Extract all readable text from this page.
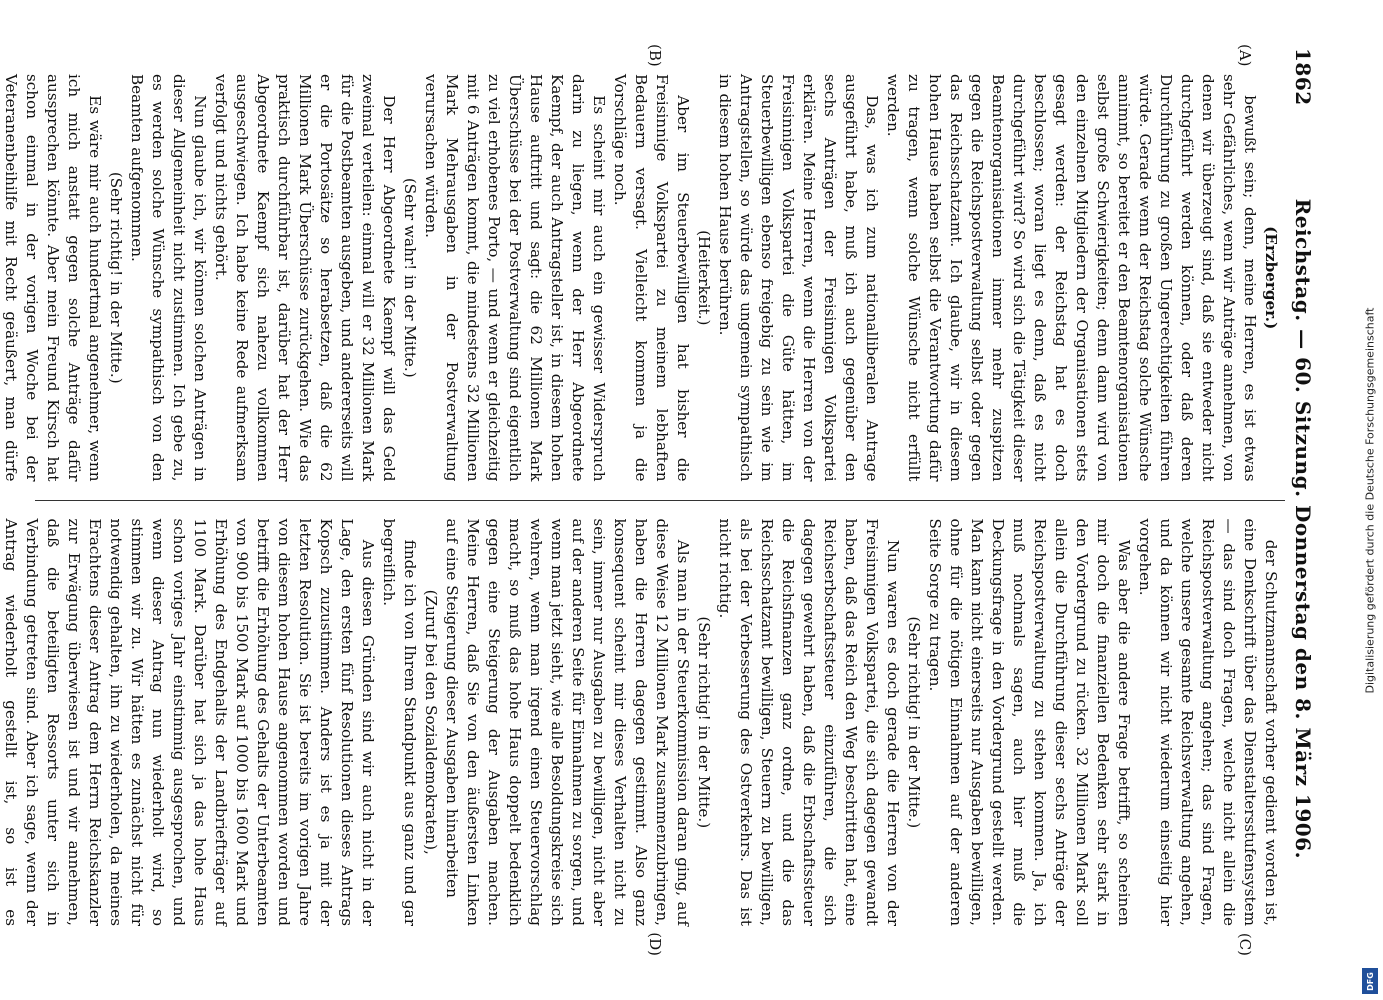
1862
Reichstag. — 60. Sitzung. Donnerstag den 8. März 1906.
(A)
(B)
(Erzberger.)

bewußt sein; denn, meine Herren, es ist etwas sehr Gefährliches, wenn wir Anträge annehmen, von denen wir überzeugt sind, daß sie entweder nicht durchgeführt werden können, oder daß deren Durchführung zu großen Ungerechtigkeiten führen würde. Gerade wenn der Reichstag solche Wünsche annimmt, so bereitet er den Beamtenorganisationen selbst große Schwierigkeiten; denn dann wird von den einzelnen Mitgliedern der Organisationen stets gesagt werden: der Reichstag hat es doch beschlossen; woran liegt es denn, daß es nicht durchgeführt wird? So wird sich die Tätigkeit dieser Beamtenorganisationen immer mehr zuspitzen gegen die Reichspostverwaltung selbst oder gegen das Reichsschatzamt. Ich glaube, wir in diesem hohen Hause haben selbst die Verantwortung dafür zu tragen, wenn solche Wünsche nicht erfüllt werden.

Das, was ich zum nationalliberalen Antrage ausgeführt habe, muß ich auch gegenüber den sechs Anträgen der Freisinnigen Volkspartei erklären. Meine Herren, wenn die Herren von der Freisinnigen Volkspartei die Güte hätten, im Steuerbewilligen ebenso freigebig zu sein wie im Antragstellen, so würde das ungemein sympathisch in diesem hohen Hause berühren.

(Heiterkeit.)

Aber im Steuerbewilligen hat bisher die Freisinnige Volkspartei zu meinem lebhaften Bedauern versagt. Vielleicht kommen ja die Vorschläge noch.

Es scheint mir auch ein gewisser Widerspruch darin zu liegen, wenn der Herr Abgeordnete Kaempf, der auch Antragsteller ist, in diesem hohen Hause auftritt und sagt: die 62 Millionen Mark Überschüsse bei der Postverwaltung sind eigentlich zu viel erhobenes Porto, — und wenn er gleichzeitig mit 6 Anträgen kommt, die mindestens 32 Millionen Mark Mehrausgaben in der Postverwaltung verursachen würden.

(Sehr wahr! in der Mitte.)

Der Herr Abgeordnete Kaempf will das Geld zweimal verteilen: einmal will er 32 Millionen Mark für die Postbeamten ausgeben, und andererseits will er die Portosätze so herabsetzen, daß die 62 Millionen Mark Überschüsse zurückgehen. Wie das praktisch durchführbar ist, darüber hat der Herr Abgeordnete Kaempf sich nahezu vollkommen ausgeschwiegen. Ich habe keine Rede aufmerksam verfolgt und nichts gehört.

Nun glaube ich, wir können solchen Anträgen in dieser Allgemeinheit nicht zustimmen. Ich gebe zu, es werden solche Wünsche sympathisch von den Beamten aufgenommen.

(Sehr richtig! in der Mitte.)

Es wäre mir auch hundertmal angenehmer, wenn ich mich anstatt gegen solche Anträge dafür aussprechen könnte. Aber mein Freund Kirsch hat schon einmal in der vorigen Woche bei der Veteranenbeihilfe mit Recht geäußert, man dürfe

(C)
(D)

der Schutzmannschaft vorher gedient worden ist, eine Denkschrift über das Dienstaltersstufensystem — das sind doch Fragen, welche nicht allein die Reichspostverwaltung angehen; das sind Fragen, welche unsere gesamte Reichsverwaltung angehen, und da können wir nicht wiederum einseitig hier vorgehen.

Was aber die andere Frage betrifft, so scheinen mir doch die finanziellen Bedenken sehr stark in den Vordergrund zu rücken. 32 Millionen Mark soll allein die Durchführung dieser sechs Anträge der Reichspostverwaltung zu stehen kommen. Ja, ich muß nochmals sagen, auch hier muß die Deckungsfrage in den Vordergrund gestellt werden. Man kann nicht einerseits nur Ausgaben bewilligen, ohne für die nötigen Einnahmen auf der anderen Seite Sorge zu tragen.

(Sehr richtig! in der Mitte.)

Nun waren es doch gerade die Herren von der Freisinnigen Volkspartei, die sich dagegen gewandt haben, daß das Reich den Weg beschritten hat, eine Reichserbschaftssteuer einzuführen, die sich dagegen gewehrt haben, daß die Erbschaftssteuer die Reichsfinanzen ganz ordne, und die das Reichsschatzamt bewilligen, Steuern zu bewilligen, als bei der Verbesserung des Ostverkehrs. Das ist nicht richtig.

(Sehr richtig! in der Mitte.)

Als man in der Steuerkommission daran ging, auf diese Weise 12 Millionen Mark zusammenzubringen, haben die Herren dagegen gestimmt. Also ganz konsequent scheint mir dieses Verhalten nicht zu sein, immer nur Ausgaben zu bewilligen, nicht aber auf der anderen Seite für Einnahmen zu sorgen, und wenn man jetzt sieht, wie alle Besoldungskreise sich wehren, wenn man irgend einen Steuervorschlag macht, so muß das hohe Haus doppelt bedenklich gegen eine Steigerung der Ausgaben machen. Meine Herren, daß Sie von den äußersten Linken auf eine Steigerung dieser Ausgaben hinarbeiten

(Zuruf bei den Sozialdemokraten),

finde ich von Ihrem Standpunkt aus ganz und gar begreiflich.

Aus diesen Gründen sind wir auch nicht in der Lage, den ersten fünf Resolutionen dieses Antrags Kopsch zuzustimmen. Anders ist es ja mit der letzten Resolution. Sie ist bereits im vorigen Jahre von diesem hohen Hause angenommen worden und betrifft die Erhöhung des Gehalts der Unterbeamten von 900 bis 1500 Mark auf 1000 bis 1600 Mark und Erhöhung des Endgehalts der Landbriefträger auf 1100 Mark. Darüber hat sich ja das hohe Haus schon voriges Jahr einstimmig ausgesprochen, und wenn dieser Antrag nun wiederholt wird, so stimmen wir zu. Wir hätten es zunächst nicht für notwendig gehalten, ihn zu wiederholen, da meines Erachtens dieser Antrag dem Herrn Reichskanzler zur Erwägung überwiesen ist und wir annehmen, daß die beteiligten Ressorts unter sich in Verbindung getreten sind. Aber ich sage, wenn der Antrag wiederholt gestellt ist, so ist es

Digitalisierung gefördert durch die Deutsche Forschungsgemeinschaft
DFG
